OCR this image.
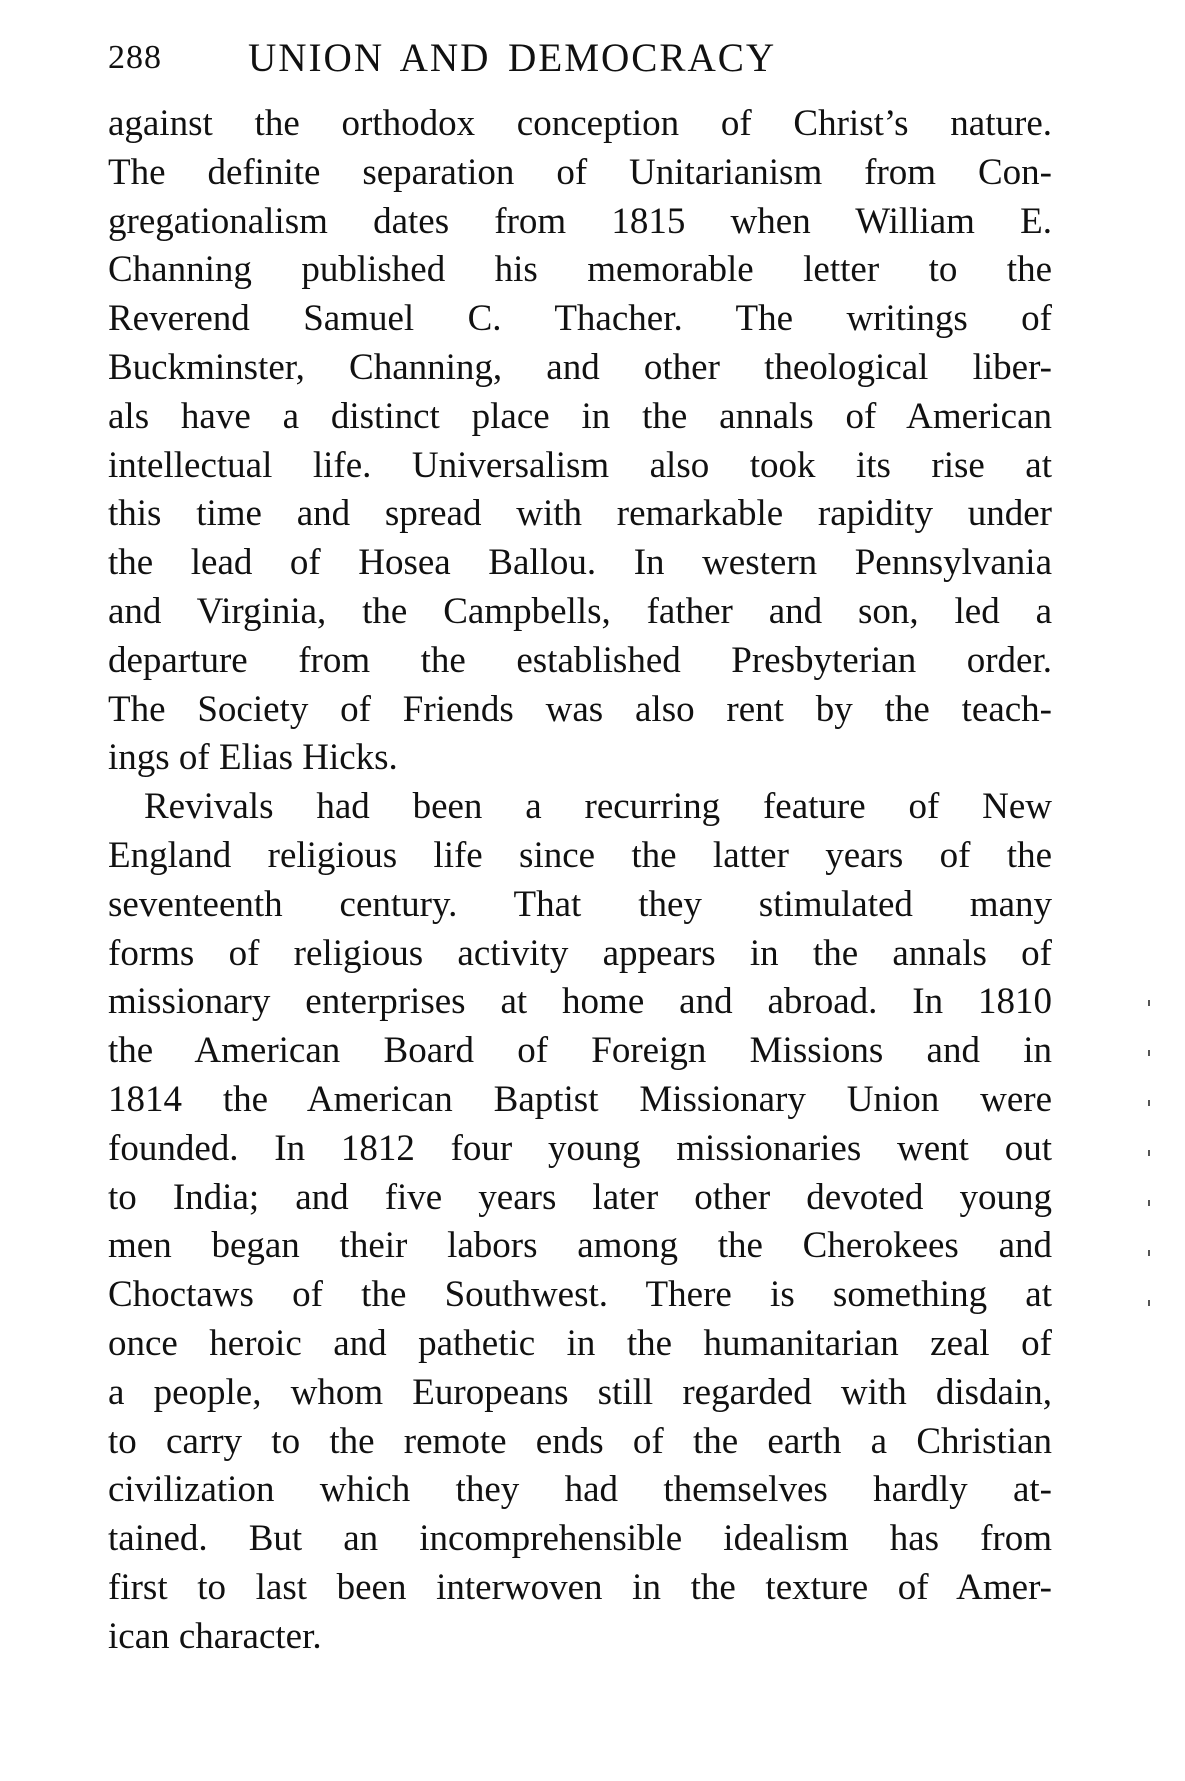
288 UNION AND DEMOCRACY
against the orthodox conception of Christ’s nature.
The definite separation of Unitarianism from Con-
gregationalism dates from 1815 when William E.
Channing published his memorable letter to the
Reverend Samuel C. Thacher. The writings of
Buckminster, Channing, and other theological liber-
als have a distinct place in the annals of American
intellectual life. Universalism also took its rise at
this time and spread with remarkable rapidity under
the lead of Hosea Ballou. In western Pennsylvania
and Virginia, the Campbells, father and son, led a
departure from the established Presbyterian order.
The Society of Friends was also rent by the teach-
ings of Elias Hicks.
Revivals had been a recurring feature of New
England religious life since the latter years of the
seventeenth century. That they stimulated many
forms of religious activity appears in the annals of
missionary enterprises at home and abroad. In 1810
the American Board of Foreign Missions and in
1814 the American Baptist Missionary Union were
founded. In 1812 four young missionaries went out
to India; and five years later other devoted young
men began their labors among the Cherokees and
Choctaws of the Southwest. There is something at
once heroic and pathetic in the humanitarian zeal of
a people, whom Europeans still regarded with disdain,
to carry to the remote ends of the earth a Christian
civilization which they had themselves hardly at-
tained. But an incomprehensible idealism has from
first to last been interwoven in the texture of Amer-
ican character.
